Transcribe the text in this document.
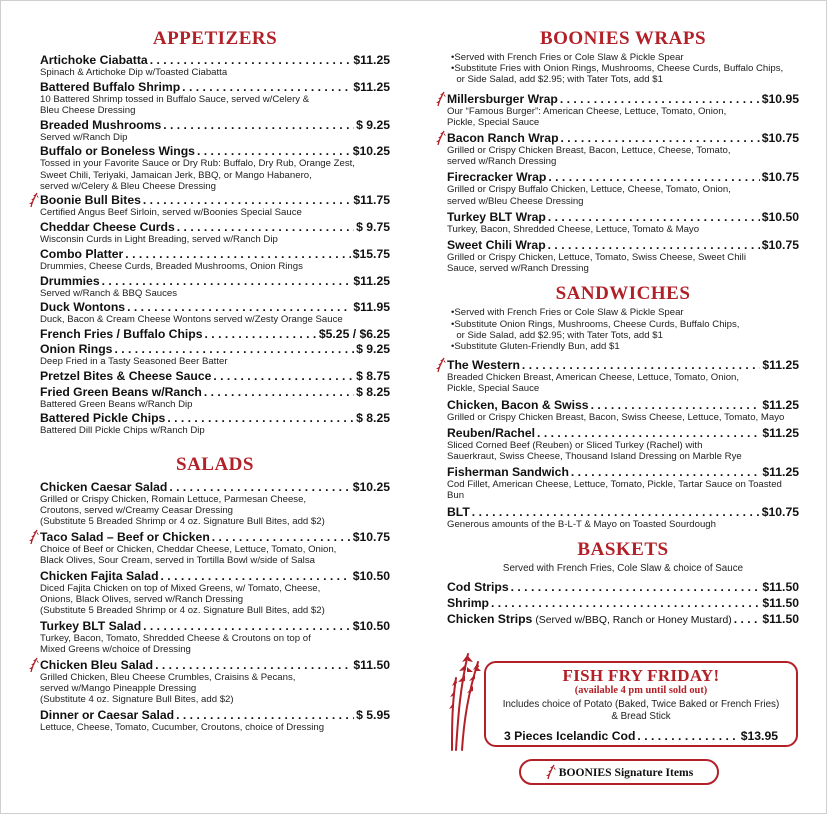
APPETIZERS
Artichoke Ciabatta . . .	$11.25
Spinach & Artichoke Dip w/Toasted Ciabatta
Battered Buffalo Shrimp . . .	$11.25
10 Battered Shrimp tossed in Buffalo Sauce, served w/Celery &
Bleu Cheese Dressing
Breaded Mushrooms . . .	$ 9.25
Served w/Ranch Dip
Buffalo or Boneless Wings . . .	$10.25
Tossed in your Favorite Sauce or Dry Rub: Buffalo, Dry Rub, Orange Zest,
Sweet Chili, Teriyaki, Jamaican Jerk, BBQ, or Mango Habanero,
served w/Celery & Bleu Cheese Dressing
Boonie Bull Bites . . .	$11.75
Certified Angus Beef Sirloin, served w/Boonies Special Sauce
Cheddar Cheese Curds . . .	$ 9.75
Wisconsin Curds in Light Breading, served w/Ranch Dip
Combo Platter . . .	$15.75
Drummies, Cheese Curds, Breaded Mushrooms, Onion Rings
Drummies . . .	$11.25
Served w/Ranch & BBQ Sauces
Duck Wontons . . .	$11.95
Duck, Bacon & Cream Cheese Wontons served w/Zesty Orange Sauce
French Fries / Buffalo Chips . . .	$5.25 / $6.25
Onion Rings . . .	$ 9.25
Deep Fried in a Tasty Seasoned Beer Batter
Pretzel Bites & Cheese Sauce . . .	$ 8.75
Fried Green Beans w/Ranch . . .	$ 8.25
Battered Green Beans w/Ranch Dip
Battered Pickle Chips . . .	$ 8.25
Battered Dill Pickle Chips w/Ranch Dip
SALADS
Chicken Caesar Salad . . .	$10.25
Grilled or Crispy Chicken, Romain Lettuce, Parmesan Cheese,
Croutons, served w/Creamy Ceasar Dressing
(Substitute 5 Breaded Shrimp or 4 oz. Signature Bull Bites, add $2)
Taco Salad – Beef or Chicken . . .	$10.75
Choice of Beef or Chicken, Cheddar Cheese, Lettuce, Tomato, Onion,
Black Olives, Sour Cream, served in Tortilla Bowl w/side of Salsa
Chicken Fajita Salad . . .	$10.50
Diced Fajita Chicken on top of Mixed Greens, w/ Tomato, Cheese,
Onions, Black Olives, served w/Ranch Dressing
(Substitute 5 Breaded Shrimp or 4 oz. Signature Bull Bites, add $2)
Turkey BLT Salad . . .	$10.50
Turkey, Bacon, Tomato, Shredded Cheese & Croutons on top of
Mixed Greens w/choice of Dressing
Chicken Bleu Salad . . .	$11.50
Grilled Chicken, Bleu Cheese Crumbles, Craisins & Pecans,
served w/Mango Pineapple Dressing
(Substitute 4 oz. Signature Bull Bites, add $2)
Dinner or Caesar Salad . . .	$ 5.95
Lettuce, Cheese, Tomato, Cucumber, Croutons, choice of Dressing
BOONIES WRAPS
•Served with French Fries or Cole Slaw & Pickle Spear
•Substitute Fries with Onion Rings, Mushrooms, Cheese Curds, Buffalo Chips,
or Side Salad, add $2.95; with Tater Tots, add $1
Millersburger Wrap . . .	$10.95
Our “Famous Burger”: American Cheese, Lettuce, Tomato, Onion,
Pickle, Special Sauce
Bacon Ranch Wrap . . .	$10.75
Grilled or Crispy Chicken Breast, Bacon, Lettuce, Cheese, Tomato,
served w/Ranch Dressing
Firecracker Wrap . . .	$10.75
Grilled or Crispy Buffalo Chicken, Lettuce, Cheese, Tomato, Onion,
served w/Bleu Cheese Dressing
Turkey BLT Wrap . . .	$10.50
Turkey, Bacon, Shredded Cheese, Lettuce, Tomato & Mayo
Sweet Chili Wrap . . .	$10.75
Grilled or Crispy Chicken, Lettuce, Tomato, Swiss Cheese, Sweet Chili
Sauce, served w/Ranch Dressing
SANDWICHES
•Served with French Fries or Cole Slaw & Pickle Spear
•Substitute Onion Rings, Mushrooms, Cheese Curds, Buffalo Chips,
or Side Salad, add $2.95; with Tater Tots, add $1
•Substitute Gluten-Friendly Bun, add $1
The Western . . .	$11.25
Breaded Chicken Breast, American Cheese, Lettuce, Tomato, Onion,
Pickle, Special Sauce
Chicken, Bacon & Swiss . . .	$11.25
Grilled or Crispy Chicken Breast, Bacon, Swiss Cheese, Lettuce, Tomato, Mayo
Reuben/Rachel . . .	$11.25
Sliced Corned Beef (Reuben) or Sliced Turkey (Rachel) with
Sauerkraut, Swiss Cheese, Thousand Island Dressing on Marble Rye
Fisherman Sandwich . . .	$11.25
Cod Fillet, American Cheese, Lettuce, Tomato, Pickle, Tartar Sauce on Toasted Bun
BLT . . .	$10.75
Generous amounts of the B-L-T & Mayo on Toasted Sourdough
BASKETS
Served with French Fries, Cole Slaw & choice of Sauce
Cod Strips . . .	$11.50
Shrimp . . .	$11.50
Chicken Strips (Served w/BBQ, Ranch or Honey Mustard) . . .	$11.50
FISH FRY FRIDAY!
(available 4 pm until sold out)
Includes choice of Potato (Baked, Twice Baked or French Fries)
& Bread Stick
3 Pieces Icelandic Cod . . .	$13.95
BOONIES Signature Items
